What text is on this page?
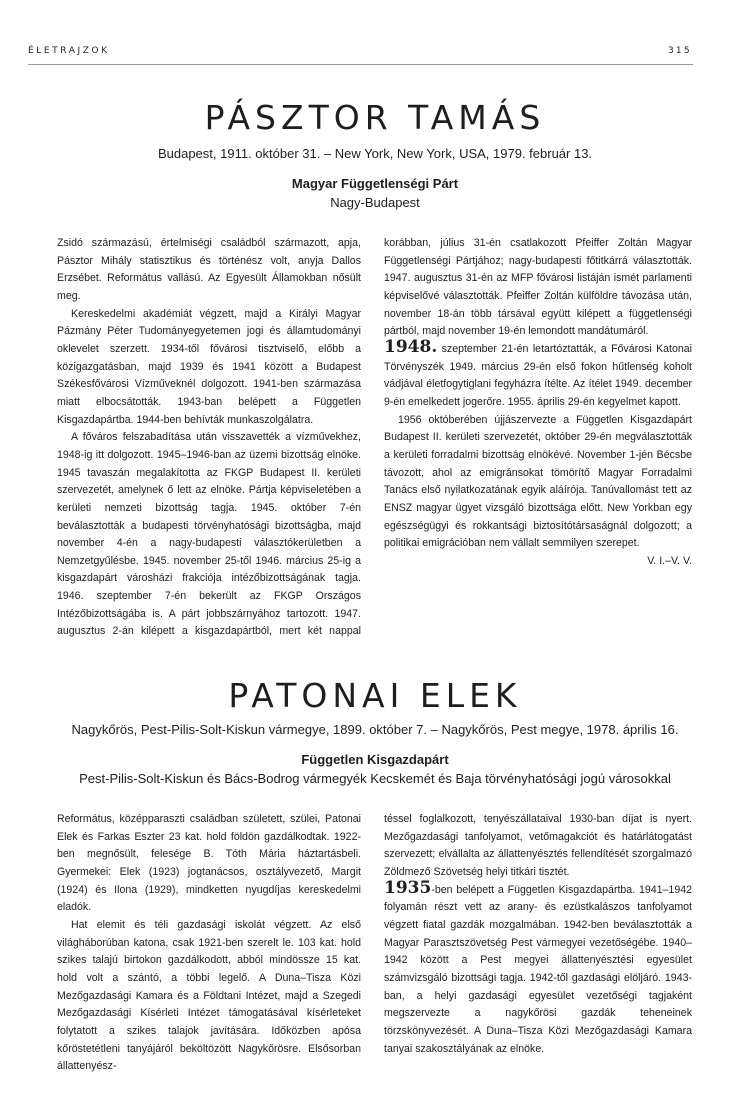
ÉLETRAJZOK	315
PÁSZTOR TAMÁS
Budapest, 1911. október 31. – New York, New York, USA, 1979. február 13.
Magyar Függetlenségi Párt
Nagy-Budapest

Zsidó származású, értelmiségi családból származott, apja, Pásztor Mihály statisztikus és történész volt, anyja Dallos Erzsébet. Református vallású. Az Egyesült Államokban nősült meg.

Kereskedelmi akadémiát végzett, majd a Királyi Magyar Pázmány Péter Tudományegyetemen jogi és államtudományi oklevelet szerzett. 1934-től fővárosi tisztviselő, előbb a közigazgatásban, majd 1939 és 1941 között a Budapest Székesfővárosi Vízműveknél dolgozott. 1941-ben származása miatt elbocsátották. 1943-ban belépett a Független Kisgazdapártba. 1944-ben behívták munkaszolgálatra.

A főváros felszabadítása után visszavették a vízművekhez, 1948-ig itt dolgozott. 1945–1946-ban az üzemi bizottság elnöke. 1945 tavaszán megalakította az FKGP Budapest II. kerületi szervezetét, amelynek ő lett az elnöke. Pártja képviseletében a kerületi nemzeti bizottság tagja. 1945. október 7-én beválasztották a budapesti törvényhatósági bizottságba, majd november 4-én a nagy-budapesti választókerületben a Nemzetgyűlésbe. 1945. november 25-től 1946. március 25-ig a kisgazdapárt városházi frakciója intézőbizottságának tagja. 1946. szeptember 7-én bekerült az FKGP Országos Intézőbizottságába is. A párt jobbszárnyához tartozott. 1947. augusztus 2-án kilépett a kisgazdapártból, mert két nappal

korábban, július 31-én csatlakozott Pfeiffer Zoltán Magyar Függetlenségi Pártjához; nagy-budapesti főtitkárrá választották. 1947. augusztus 31-én az MFP fővárosi listáján ismét parlamenti képviselővé választották. Pfeiffer Zoltán külföldre távozása után, november 18-án több társával együtt kilépett a függetlenségi pártból, majd november 19-én lemondott mandátumáról.

1948. szeptember 21-én letartóztatták, a Fővárosi Katonai Törvényszék 1949. március 29-én első fokon hűtlenség koholt vádjával életfogytiglani fegyházra ítélte. Az ítélet 1949. december 9-én emelkedett jogerőre. 1955. április 29-én kegyelmet kapott.

1956 októberében újjászervezte a Független Kisgazdapárt Budapest II. kerületi szervezetét, október 29-én megválasztották a kerületi forradalmi bizottság elnökévé. November 1-jén Bécsbe távozott, ahol az emigránsokat tömörítő Magyar Forradalmi Tanács első nyilatkozatának egyik aláírója. Tanúvallomást tett az ENSZ magyar ügyet vizsgáló bizottsága előtt. New Yorkban egy egészségügyi és rokkantsági biztosítótársaságnál dolgozott; a politikai emigrációban nem vállalt semmilyen szerepet.

V. I.–V. V.

PATONAI ELEK
Nagykőrös, Pest-Pilis-Solt-Kiskun vármegye, 1899. október 7. – Nagykőrös, Pest megye, 1978. április 16.
Független Kisgazdapárt
Pest-Pilis-Solt-Kiskun és Bács-Bodrog vármegyék Kecskemét és Baja törvényhatósági jogú városokkal

Református, középparaszti családban született, szülei, Patonai Elek és Farkas Eszter 23 kat. hold földön gazdálkodtak. 1922-ben megnősült, felesége B. Tóth Mária háztartásbeli. Gyermekei: Elek (1923) jogtanácsos, osztályvezető, Margit (1924) és Ilona (1929), mindketten nyugdíjas kereskedelmi eladók.

Hat elemit és téli gazdasági iskolát végzett. Az első világháborúban katona, csak 1921-ben szerelt le. 103 kat. hold szikes talajú birtokon gazdálkodott, abból mindössze 15 kat. hold volt a szántó, a többi legelő. A Duna–Tisza Közi Mezőgazdasági Kamara és a Földtani Intézet, majd a Szegedi Mezőgazdasági Kísérleti Intézet támogatásával kísérleteket folytatott a szikes talajok javítására. Időközben apósa kőröstetétleni tanyájáról beköltözött Nagykőrösre. Elsősorban állattenyész-

téssel foglalkozott, tenyészállataival 1930-ban díjat is nyert. Mezőgazdasági tanfolyamot, vetőmagakciót és határlátogatást szervezett; elvállalta az állattenyésztés fellendítését szorgalmazó Zöldmező Szövetség helyi titkári tisztét.

1935-ben belépett a Független Kisgazdapártba. 1941–1942 folyamán részt vett az arany- és ezüstkalászos tanfolyamot végzett fiatal gazdák mozgalmában. 1942-ben beválasztották a Magyar Parasztszövetség Pest vármegyei vezetőségébe. 1940–1942 között a Pest megyei állattenyésztési egyesület számvizsgáló bizottsági tagja. 1942-től gazdasági elöljáró. 1943-ban, a helyi gazdasági egyesület vezetőségi tagjaként megszervezte a nagykőrösi gazdák teheneinek törzskönyvezését. A Duna–Tisza Közi Mezőgazdasági Kamara tanyai szakosztályának az elnöke.
